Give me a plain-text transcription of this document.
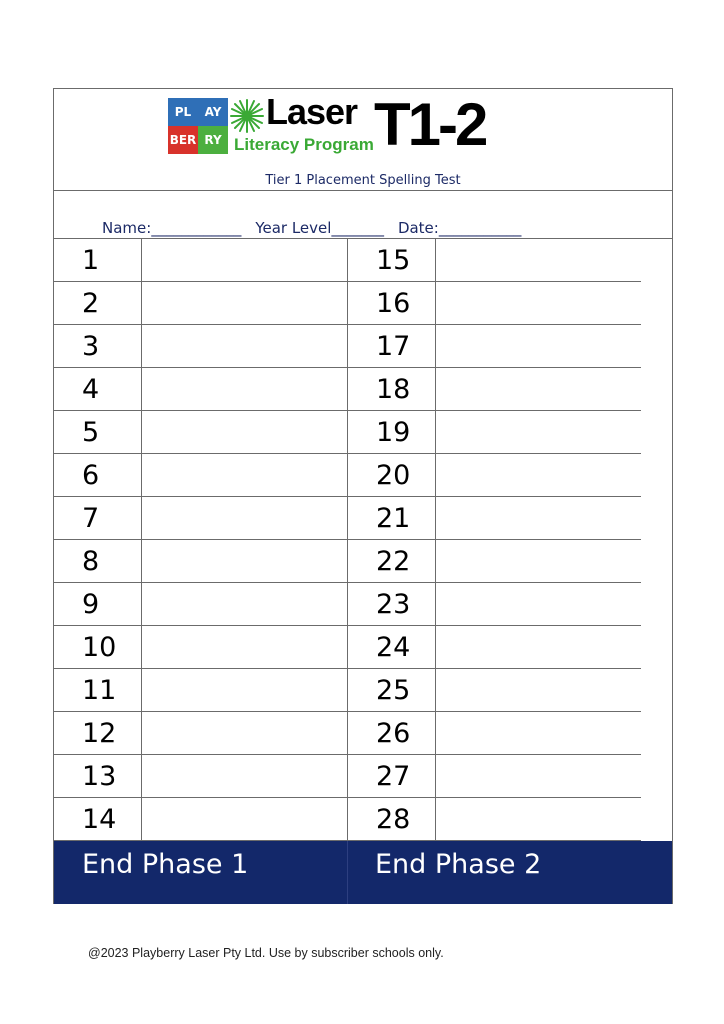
PL	AY
BER RY
Laser
Literacy Program T1-2
Tier 1 Placement Spelling Test
Name:____________ Year Level_______ Date:___________
1
2
3
4
5
6
7
8
9
10
11
12
13
14
15
16
17
18
19
20
21
22
23
24
25
26
27
28
End Phase 1	End Phase 2
@2023 Playberry Laser Pty Ltd. Use by subscriber schools only.
